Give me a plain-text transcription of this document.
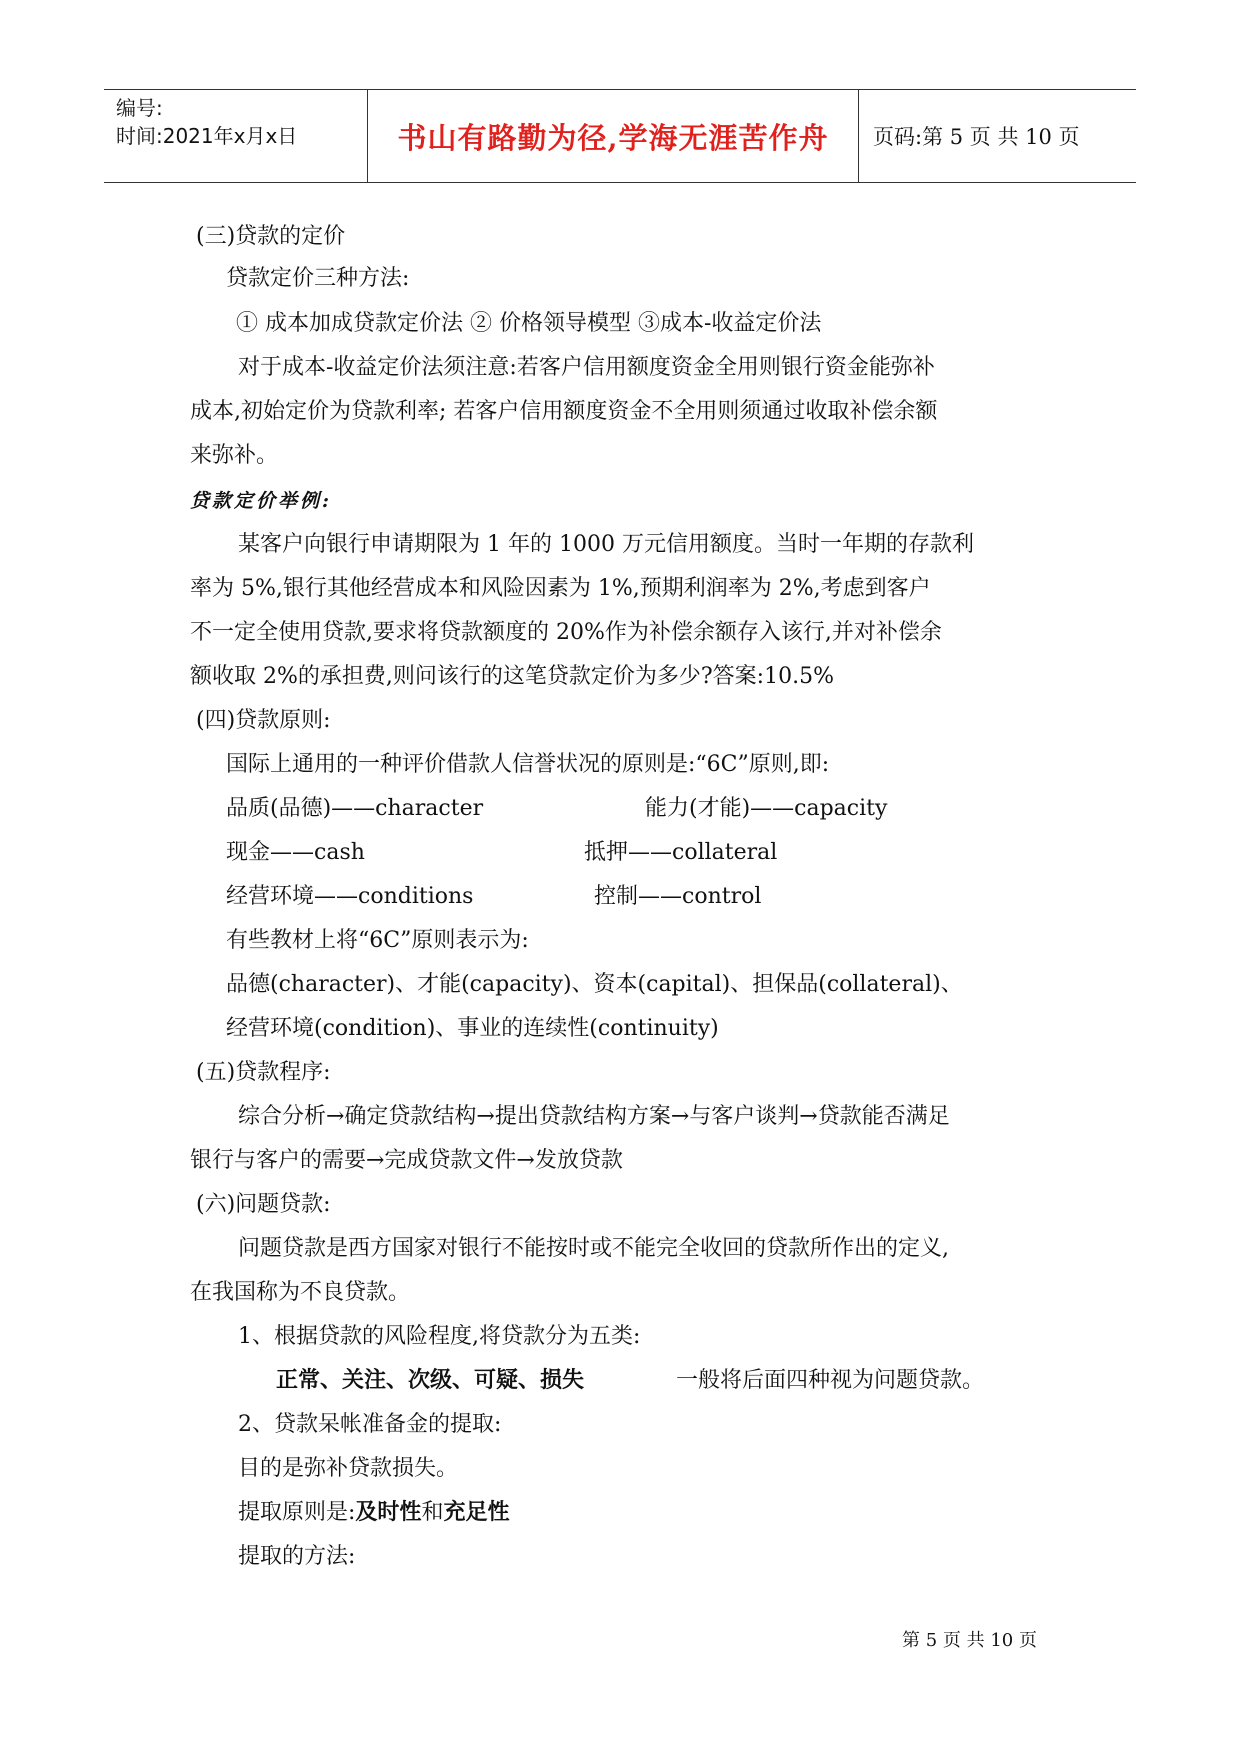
编号:
时间:2021年x月x日	书山有路勤为径,学海无涯苦作舟	页码:第 5 页 共 10 页
(三)贷款的定价
贷款定价三种方法:
① 成本加成贷款定价法 ② 价格领导模型 ③成本-收益定价法
对于成本-收益定价法须注意:若客户信用额度资金全用则银行资金能弥补
成本,初始定价为贷款利率; 若客户信用额度资金不全用则须通过收取补偿余额
来弥补。
贷款定价举例:
某客户向银行申请期限为 1 年的 1000 万元信用额度。当时一年期的存款利
率为 5%,银行其他经营成本和风险因素为 1%,预期利润率为 2%,考虑到客户
不一定全使用贷款,要求将贷款额度的 20%作为补偿余额存入该行,并对补偿余
额收取 2%的承担费,则问该行的这笔贷款定价为多少?答案:10.5%
(四)贷款原则:
国际上通用的一种评价借款人信誉状况的原则是:“6C”原则,即:
品质(品德)——character	能力(才能)——capacity
现金——cash	抵押——collateral
经营环境——conditions	控制——control
有些教材上将“6C”原则表示为:
品德(character)、才能(capacity)、资本(capital)、担保品(collateral)、
经营环境(condition)、事业的连续性(continuity)
(五)贷款程序:
综合分析→确定贷款结构→提出贷款结构方案→与客户谈判→贷款能否满足
银行与客户的需要→完成贷款文件→发放贷款
(六)问题贷款:
问题贷款是西方国家对银行不能按时或不能完全收回的贷款所作出的定义,
在我国称为不良贷款。
1、根据贷款的风险程度,将贷款分为五类:
正常、关注、次级、可疑、损失	一般将后面四种视为问题贷款。
2、贷款呆帐准备金的提取:
目的是弥补贷款损失。
提取原则是:及时性和充足性
提取的方法:
第 5 页 共 10 页
